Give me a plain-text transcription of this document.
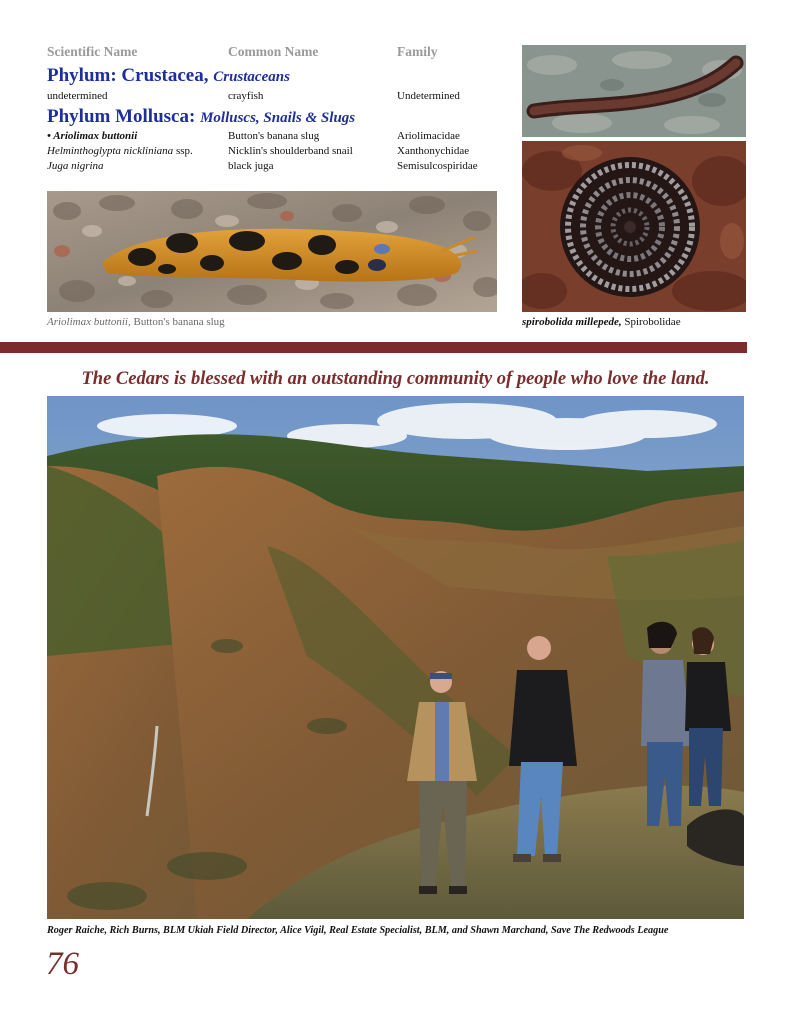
Scientific Name	Common Name	Family
Phylum: Crustacea, Crustaceans
undetermined	crayfish	Undetermined
Phylum Mollusca: Molluscs, Snails & Slugs
• Ariolimax buttonii	Button's banana slug	Ariolimacidae
Helminthoglypta nickliniana ssp.	Nicklin's shoulderband snail	Xanthonychidae
Juga nigrina	black juga	Semisulcospiridae
Ariolimax buttonii, Button's banana slug	spirobolida millepede, Spirobolidae
The Cedars is blessed with an outstanding community of people who love the land.
Roger Raiche, Rich Burns, BLM Ukiah Field Director, Alice Vigil, Real Estate Specialist, BLM, and Shawn Marchand, Save The Redwoods League
76
